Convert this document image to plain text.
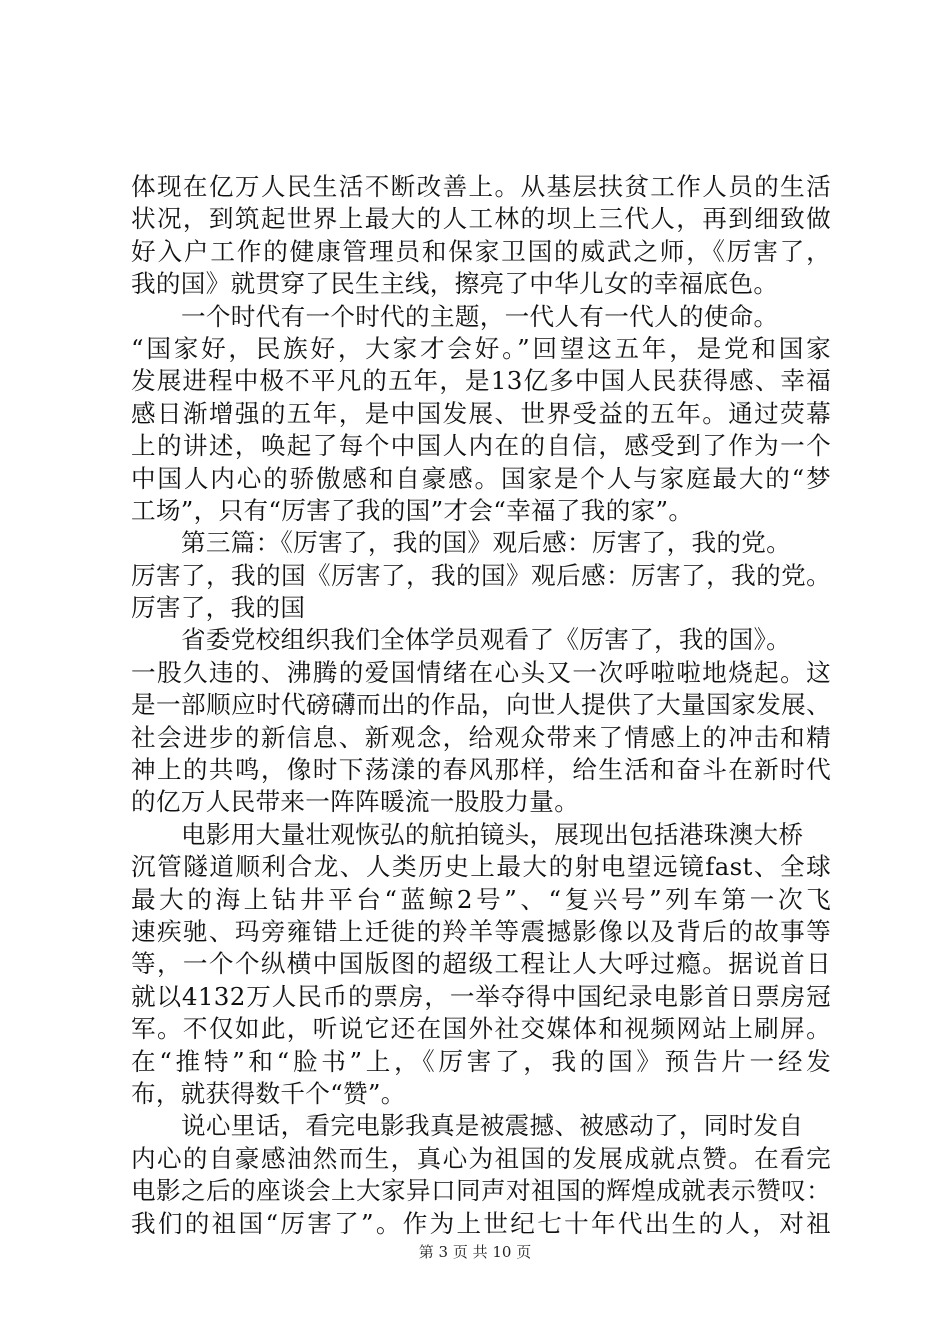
体现在亿万人民生活不断改善上。从基层扶贫工作人员的生活
状况，到筑起世界上最大的人工林的坝上三代人，再到细致做
好入户工作的健康管理员和保家卫国的威武之师，《厉害了，
我的国》就贯穿了民生主线，擦亮了中华儿女的幸福底色。
一个时代有一个时代的主题，一代人有一代人的使命。
“国家好，民族好，大家才会好。”回望这五年，是党和国家
发展进程中极不平凡的五年，是13亿多中国人民获得感、幸福
感日渐增强的五年，是中国发展、世界受益的五年。通过荧幕
上的讲述，唤起了每个中国人内在的自信，感受到了作为一个
中国人内心的骄傲感和自豪感。国家是个人与家庭最大的“梦
工场”，只有“厉害了我的国”才会“幸福了我的家”。
第三篇：《厉害了，我的国》观后感：厉害了，我的党。
厉害了，我的国《厉害了，我的国》观后感：厉害了，我的党。
厉害了，我的国
省委党校组织我们全体学员观看了《厉害了，我的国》。
一股久违的、沸腾的爱国情绪在心头又一次呼啦啦地烧起。这
是一部顺应时代磅礴而出的作品，向世人提供了大量国家发展、
社会进步的新信息、新观念，给观众带来了情感上的冲击和精
神上的共鸣，像时下荡漾的春风那样，给生活和奋斗在新时代
的亿万人民带来一阵阵暖流一股股力量。
电影用大量壮观恢弘的航拍镜头，展现出包括港珠澳大桥
沉管隧道顺利合龙、人类历史上最大的射电望远镜fast、全球
最大的海上钻井平台“蓝鲸2号”、“复兴号”列车第一次飞
速疾驰、玛旁雍错上迁徙的羚羊等震撼影像以及背后的故事等
等，一个个纵横中国版图的超级工程让人大呼过瘾。据说首日
就以4132万人民币的票房，一举夺得中国纪录电影首日票房冠
军。不仅如此，听说它还在国外社交媒体和视频网站上刷屏。
在“推特”和“脸书”上，《厉害了，我的国》预告片一经发
布，就获得数千个“赞”。
说心里话，看完电影我真是被震撼、被感动了，同时发自
内心的自豪感油然而生，真心为祖国的发展成就点赞。在看完
电影之后的座谈会上大家异口同声对祖国的辉煌成就表示赞叹：
我们的祖国“厉害了”。作为上世纪七十年代出生的人，对祖
第 3 页 共 10 页
